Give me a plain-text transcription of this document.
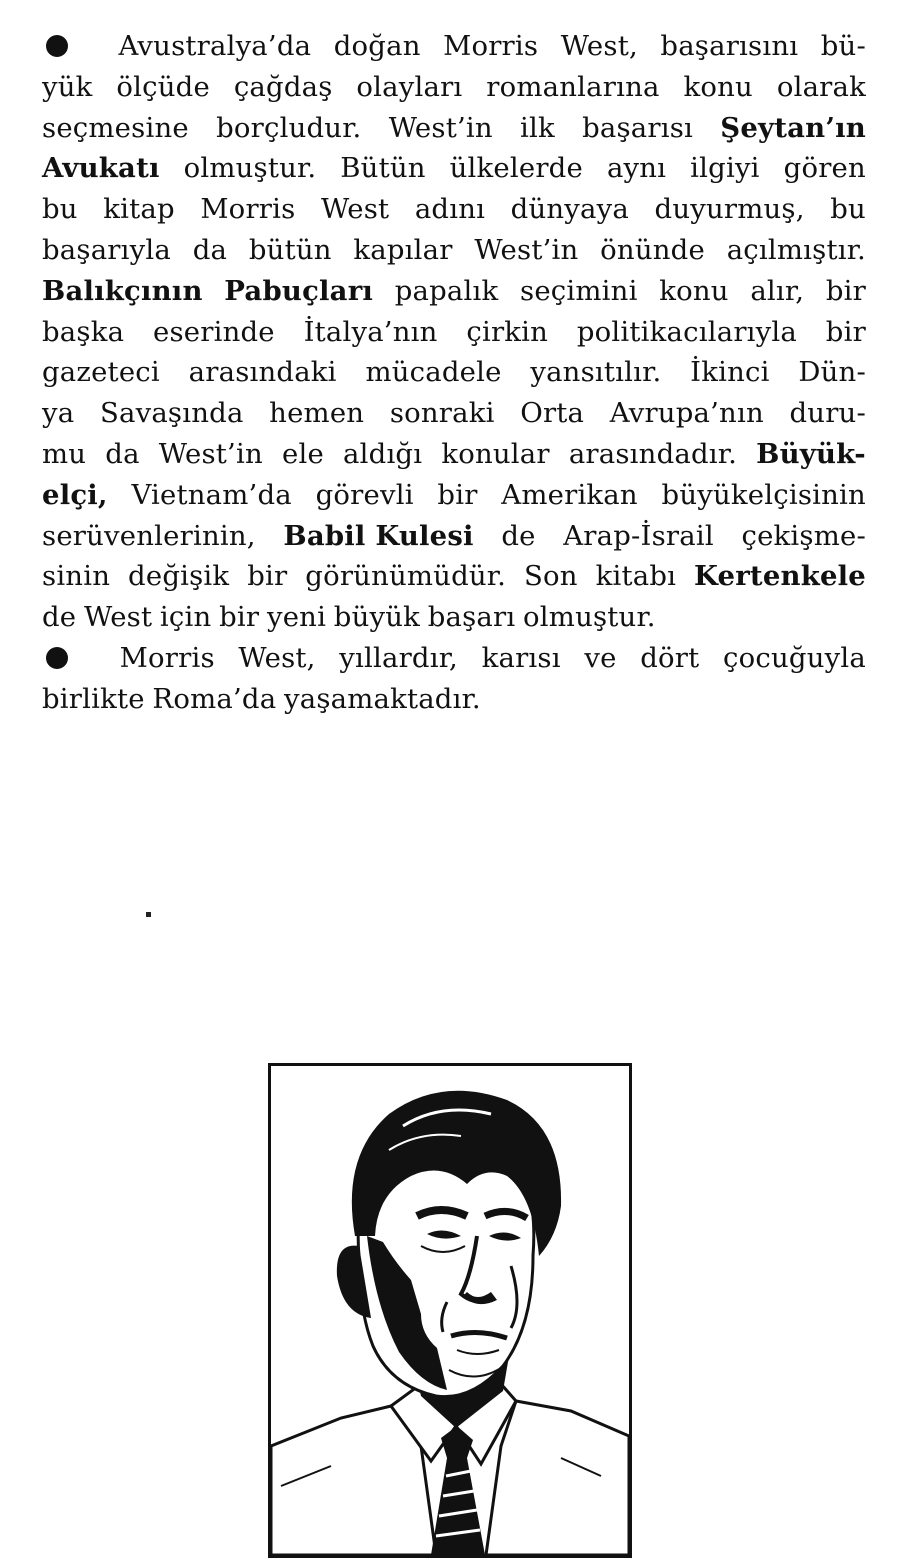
Avustralya’da doğan Morris West, başarısını bü-
yük ölçüde çağdaş olayları romanlarına konu olarak
seçmesine borçludur. West’in ilk başarısı Şeytan’ın
Avukatı olmuştur. Bütün ülkelerde aynı ilgiyi gören
bu kitap Morris West adını dünyaya duyurmuş, bu
başarıyla da bütün kapılar West’in önünde açılmıştır.
Balıkçının Pabuçları papalık seçimini konu alır, bir
başka eserinde İtalya’nın çirkin politikacılarıyla bir
gazeteci arasındaki mücadele yansıtılır. İkinci Dün-
ya Savaşında hemen sonraki Orta Avrupa’nın duru-
mu da West’in ele aldığı konular arasındadır. Büyük-
elçi, Vietnam’da görevli bir Amerikan büyükelçisinin
serüvenlerinin, Babil Kulesi de Arap-İsrail çekişme-
sinin değişik bir görünümüdür. Son kitabı Kertenkele
de West için bir yeni büyük başarı olmuştur.
Morris West, yıllardır, karısı ve dört çocuğuyla
birlikte Roma’da yaşamaktadır.
